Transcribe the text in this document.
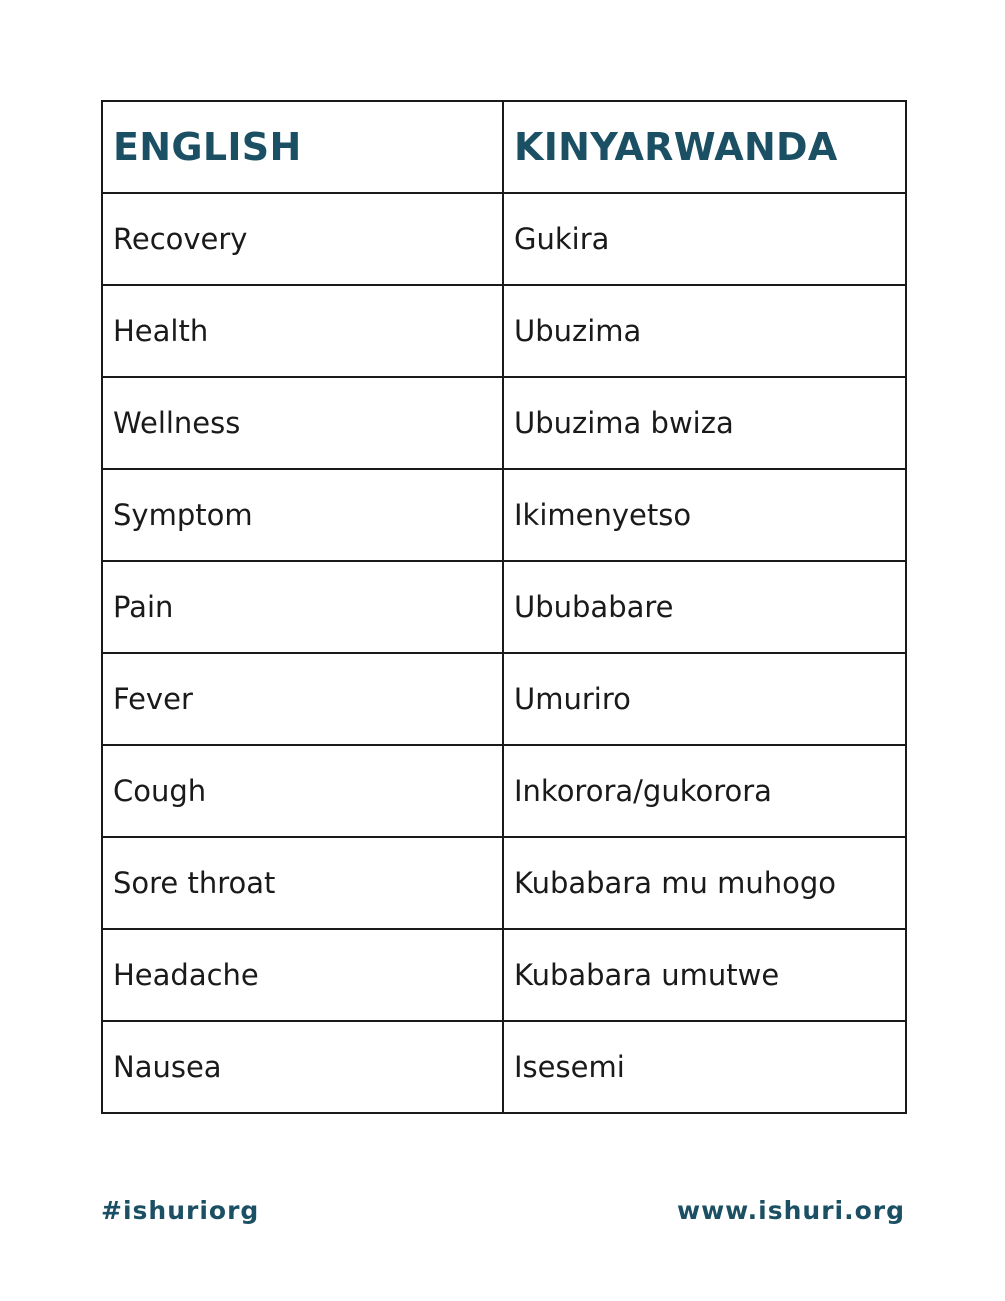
ENGLISH	KINYARWANDA
Recovery	Gukira
Health	Ubuzima
Wellness	Ubuzima bwiza
Symptom	Ikimenyetso
Pain	Ububabare
Fever	Umuriro
Cough	Inkorora/gukorora
Sore throat	Kubabara mu muhogo
Headache	Kubabara umutwe
Nausea	Isesemi
#ishuriorg	www.ishuri.org
